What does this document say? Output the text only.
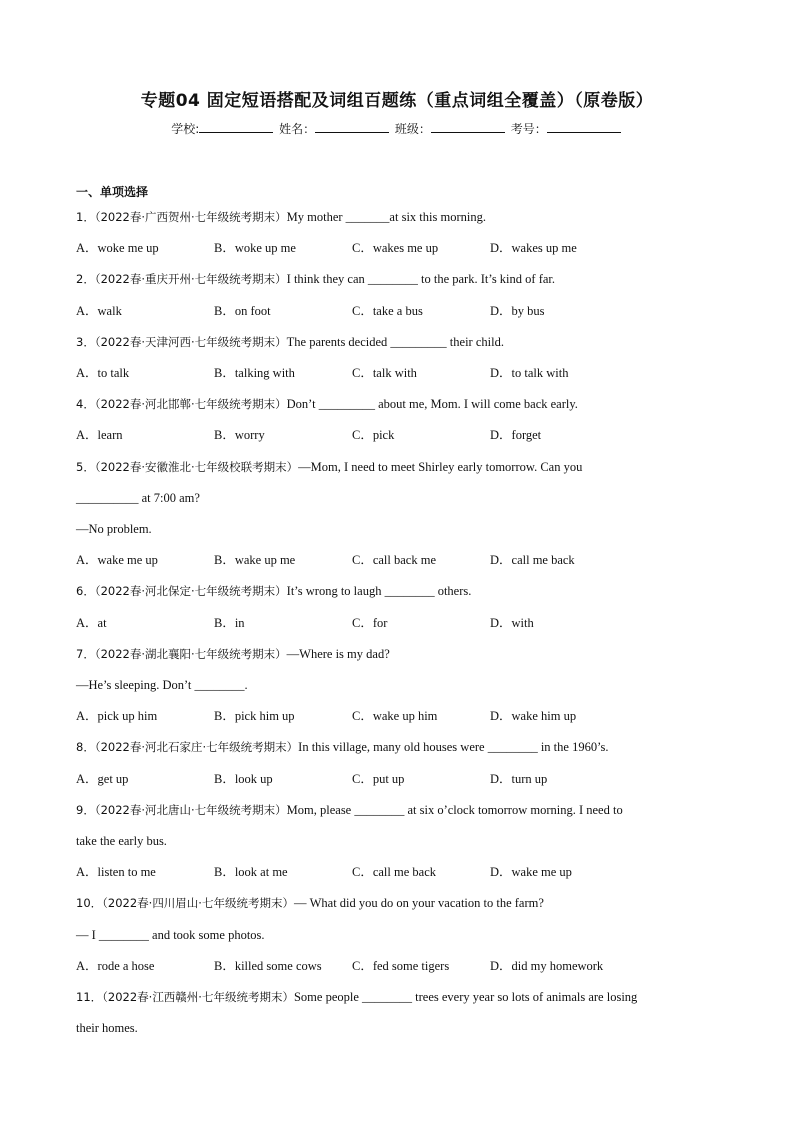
专题04 固定短语搭配及词组百题练（重点词组全覆盖）（原卷版）
学校:	姓名：	班级：	考号：
一、单项选择
1．（2022春·广西贺州·七年级统考期末）My mother _______at six this morning.
A．woke me up	B．woke up me	C．wakes me up	D．wakes up me
2．（2022春·重庆开州·七年级统考期末）I think they can ________ to the park. It’s kind of far.
A．walk	B．on foot	C．take a bus	D．by bus
3．（2022春·天津河西·七年级统考期末）The parents decided _________ their child.
A．to talk	B．talking with	C．talk with	D．to talk with
4．（2022春·河北邯郸·七年级统考期末）Don’t _________ about me, Mom. I will come back early.
A．learn	B．worry	C．pick	D．forget
5．（2022春·安徽淮北·七年级校联考期末）—Mom, I need to meet Shirley early tomorrow. Can you
__________ at 7:00 am?
—No problem.
A．wake me up	B．wake up me	C．call back me	D．call me back
6．（2022春·河北保定·七年级统考期末）It’s wrong to laugh ________ others.
A．at	B．in	C．for	D．with
7．（2022春·湖北襄阳·七年级统考期末）—Where is my dad?
—He’s sleeping. Don’t ________.
A．pick up him	B．pick him up	C．wake up him	D．wake him up
8．（2022春·河北石家庄·七年级统考期末）In this village, many old houses were ________ in the 1960’s.
A．get up	B．look up	C．put up	D．turn up
9．（2022春·河北唐山·七年级统考期末）Mom, please ________ at six o’clock tomorrow morning. I need to
take the early bus.
A．listen to me	B．look at me	C．call me back	D．wake me up
10．（2022春·四川眉山·七年级统考期末）— What did you do on your vacation to the farm?
— I ________ and took some photos.
A．rode a hose	B．killed some cows C．fed some tigers	D．did my homework
11．（2022春·江西赣州·七年级统考期末）Some people ________ trees every year so lots of animals are losing
their homes.
